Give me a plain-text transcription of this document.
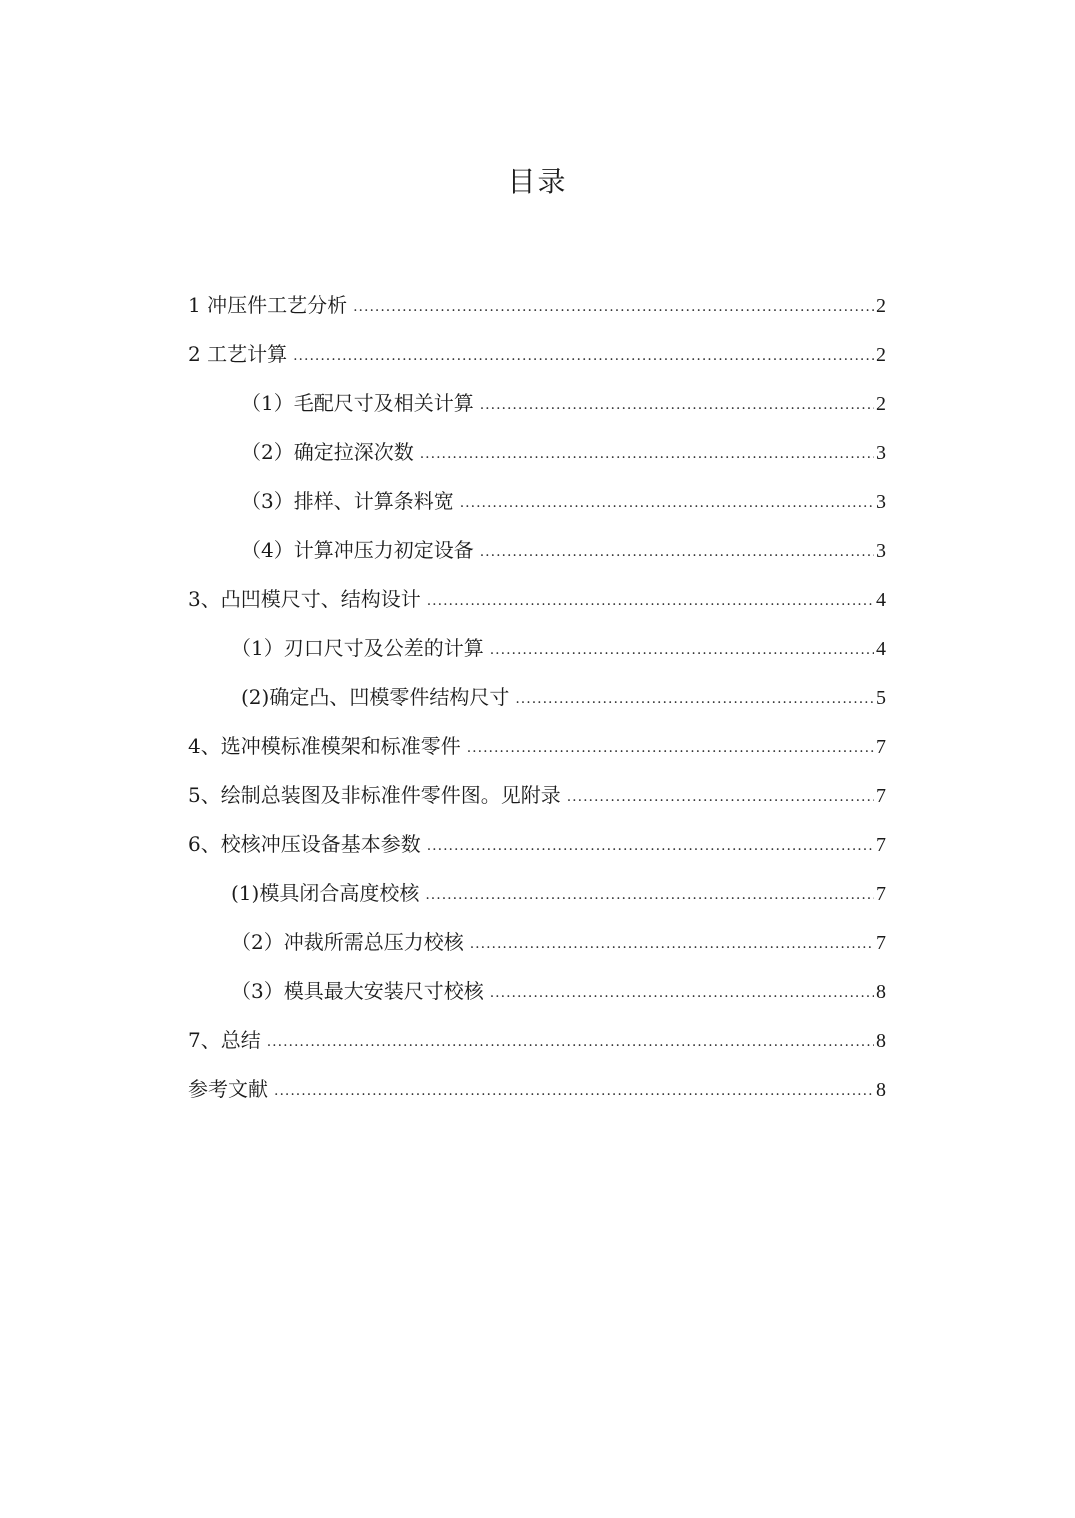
目录
1 冲压件工艺分析 .....	2
2 工艺计算 .....	2
（1）毛配尺寸及相关计算 .....	2
（2）确定拉深次数 .....	3
（3）排样、计算条料宽 .....	3
（4）计算冲压力初定设备 .....	3
3、凸凹模尺寸、结构设计 .....	4
（1）刃口尺寸及公差的计算 .....	4
(2)确定凸、凹模零件结构尺寸 .....	5
4、选冲模标准模架和标准零件 .....	7
5、绘制总装图及非标准件零件图。见附录 .....	7
6、校核冲压设备基本参数 .....	7
(1)模具闭合高度校核 .....	7
（2）冲裁所需总压力校核 .....	7
（3）模具最大安装尺寸校核 .....	8
7、总结 .....	8
参考文献 .....	8
